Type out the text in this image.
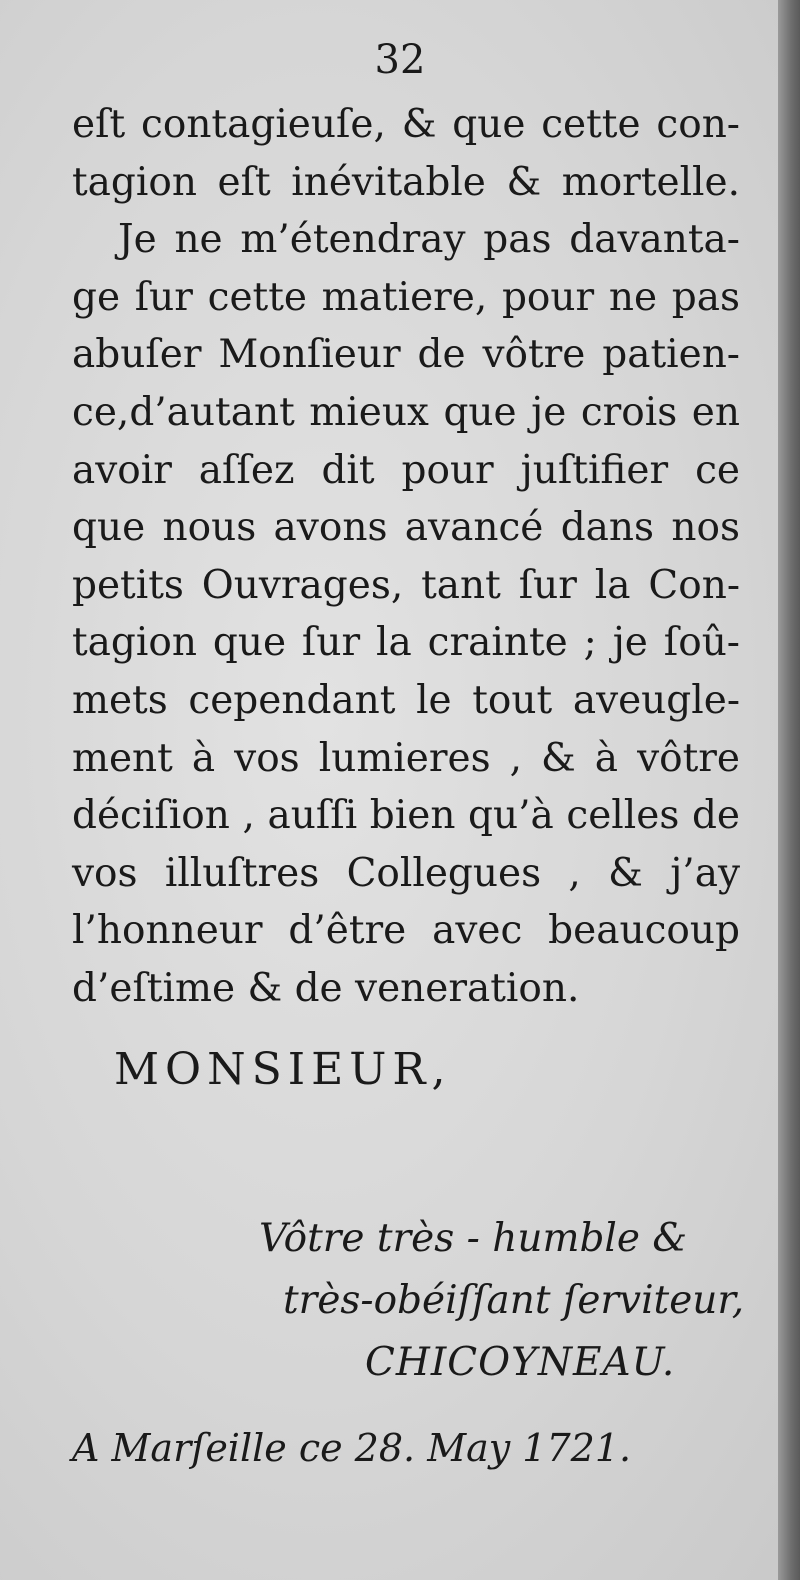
32
eſt contagieuſe, & que cette con-
tagion eſt inévitable & mortelle.
Je ne m’étendray pas davanta-
ge ſur cette matiere, pour ne pas
abuſer Monſieur de vôtre patien-
ce,d’autant mieux que je crois en
avoir aſſez dit pour juſtifier ce
que nous avons avancé dans nos
petits Ouvrages, tant ſur la Con-
tagion que ſur la crainte ; je ſoû-
mets cependant le tout aveugle-
ment à vos lumieres , & à vôtre
déciſion , auſſi bien qu’à celles de
vos illuſtres Collegues , & j’ay
l’honneur d’être avec beaucoup
d’eſtime & de veneration.
MONSIEUR,
Vôtre très - humble &
très-obéiſſant ſerviteur,
CHICOYNEAU.
A Marſeille ce 28. May 1721.
